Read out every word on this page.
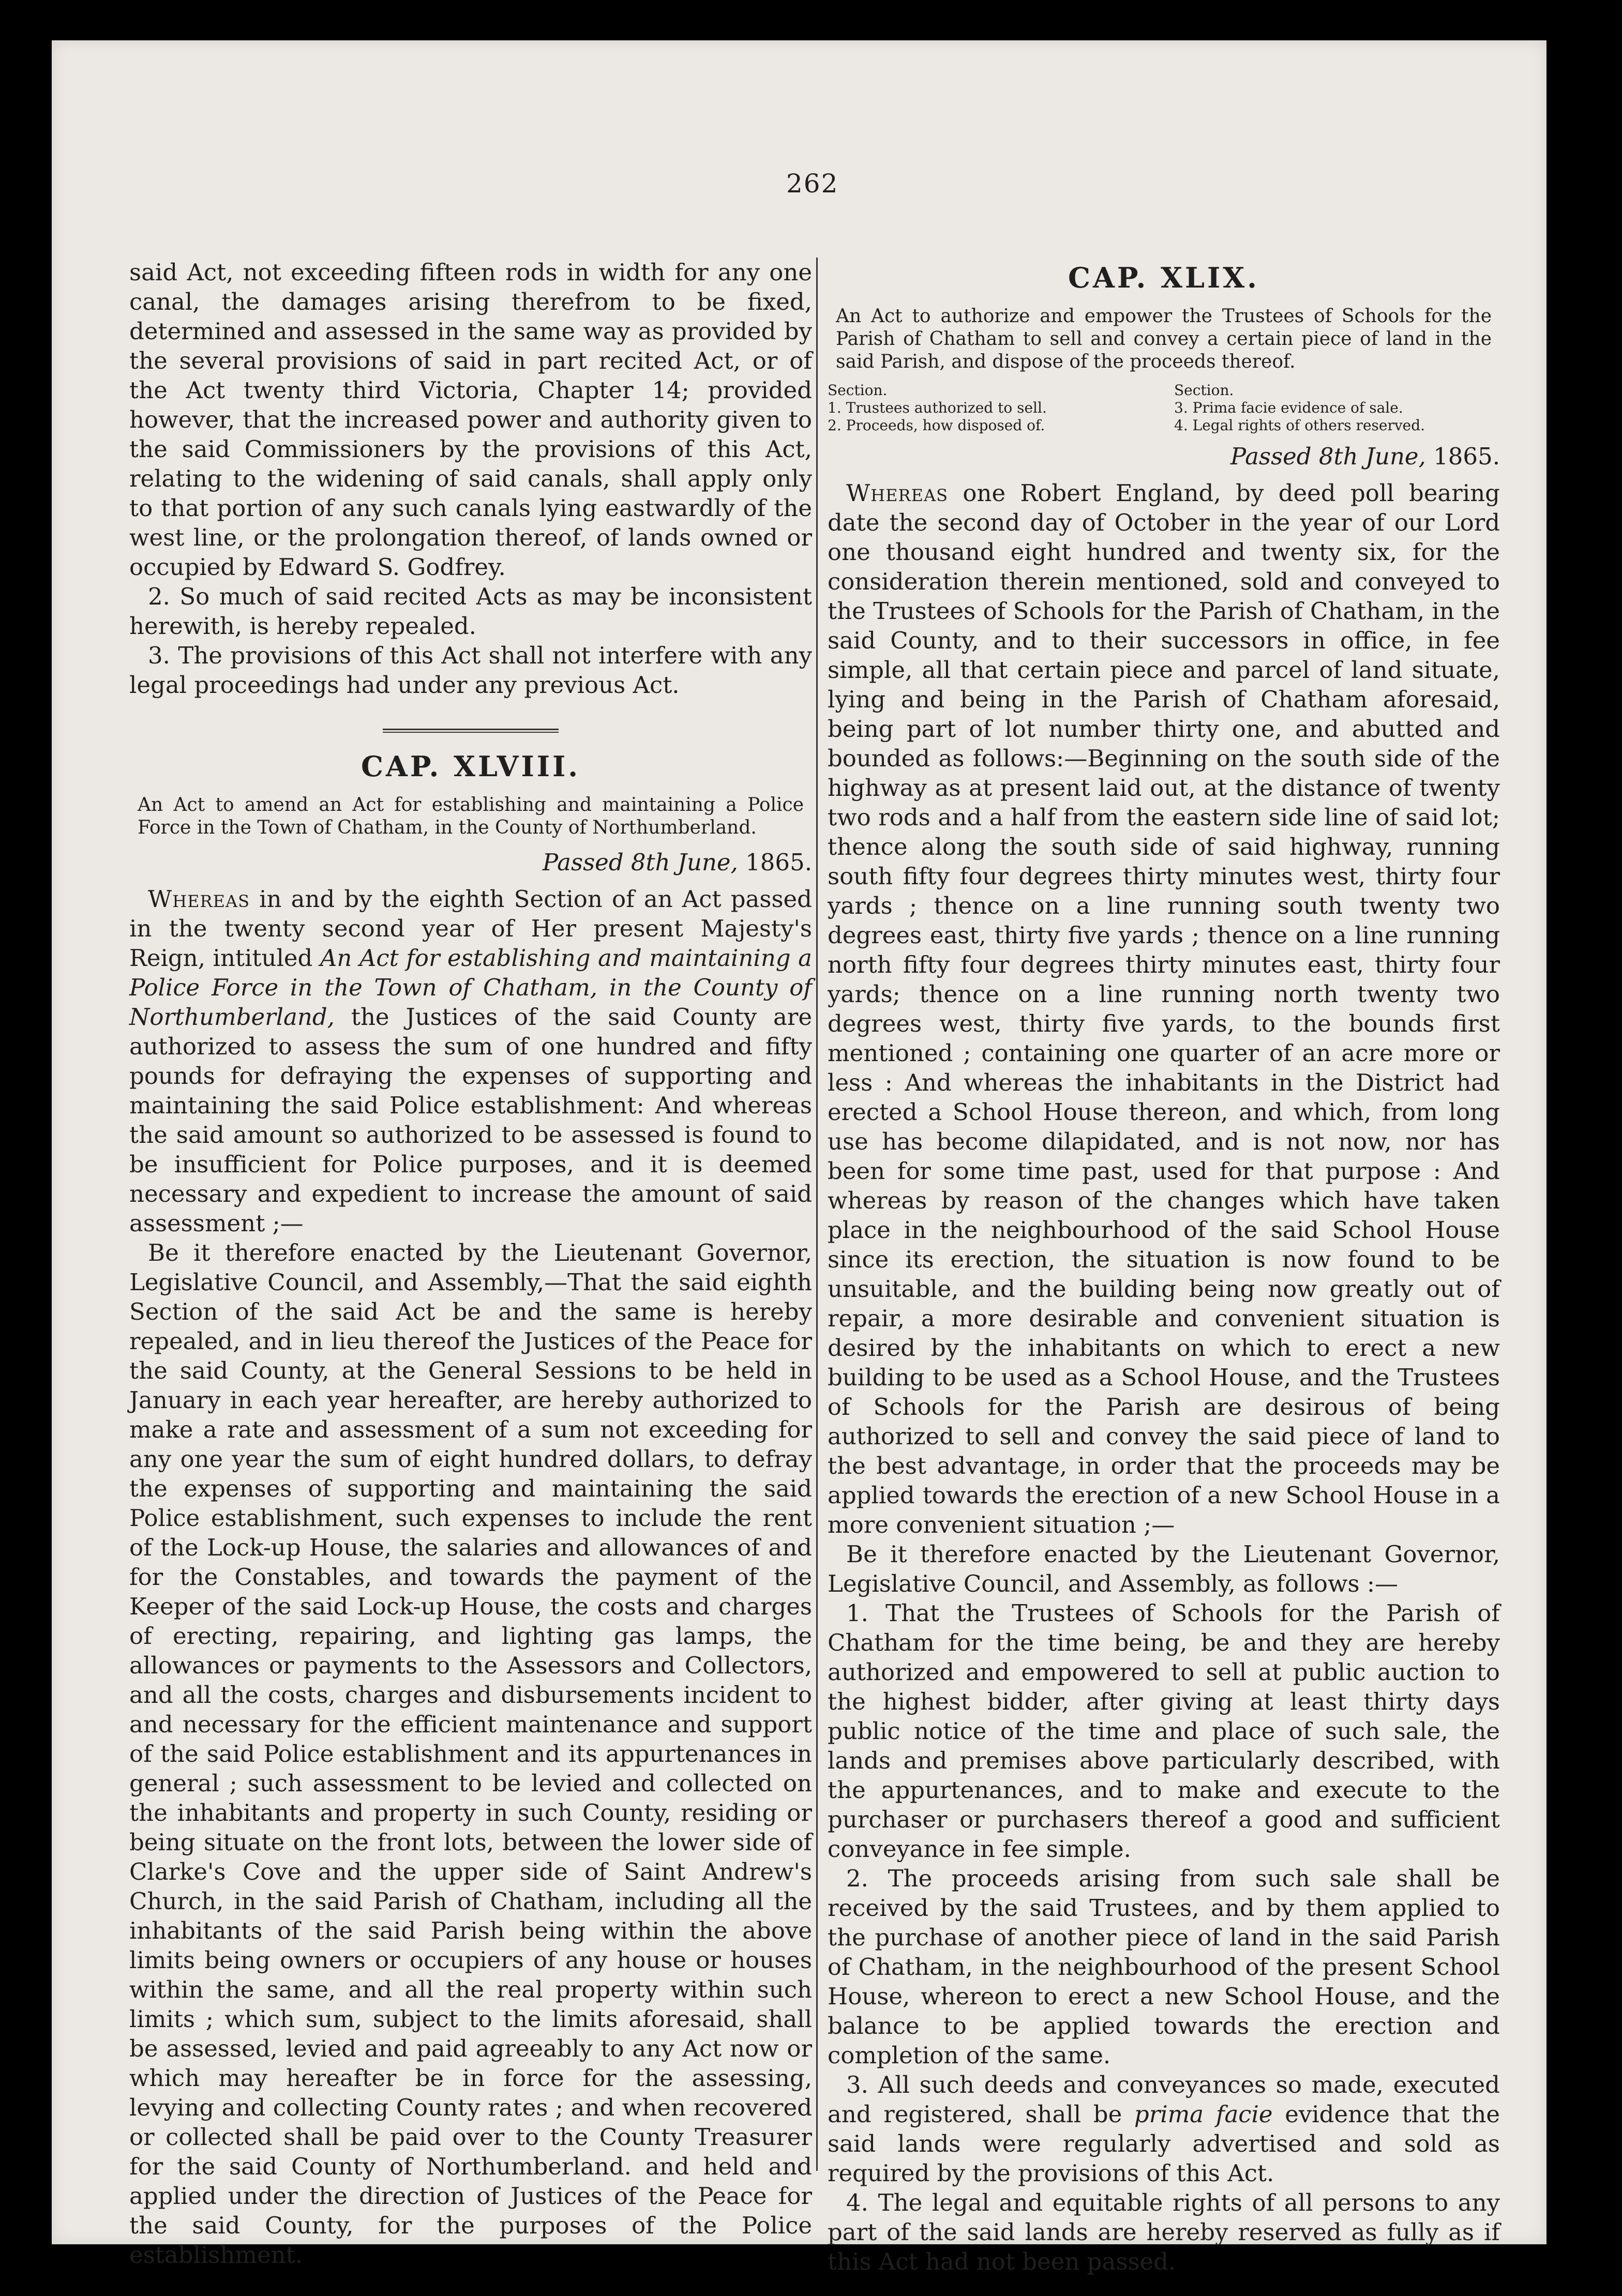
262

said Act, not exceeding fifteen rods in width for any one canal, the damages arising therefrom to be fixed, determined and assessed in the same way as provided by the several provisions of said in part recited Act, or of the Act twenty third Victoria, Chapter 14; provided however, that the increased power and authority given to the said Commissioners by the provisions of this Act, relating to the widening of said canals, shall apply only to that portion of any such canals lying eastwardly of the west line, or the prolongation thereof, of lands owned or occupied by Edward S. Godfrey.

2. So much of said recited Acts as may be inconsistent herewith, is hereby repealed.

3. The provisions of this Act shall not interfere with any legal proceedings had under any previous Act.

CAP. XLVIII.

An Act to amend an Act for establishing and maintaining a Police Force in the Town of Chatham, in the County of Northumberland.

Passed 8th June, 1865.

Whereas in and by the eighth Section of an Act passed in the twenty second year of Her present Majesty's Reign, intituled An Act for establishing and maintaining a Police Force in the Town of Chatham, in the County of Northumberland, the Justices of the said County are authorized to assess the sum of one hundred and fifty pounds for defraying the expenses of supporting and maintaining the said Police establishment: And whereas the said amount so authorized to be assessed is found to be insufficient for Police purposes, and it is deemed necessary and expedient to increase the amount of said assessment ;—

Be it therefore enacted by the Lieutenant Governor, Legislative Council, and Assembly,—That the said eighth Section of the said Act be and the same is hereby repealed, and in lieu thereof the Justices of the Peace for the said County, at the General Sessions to be held in January in each year hereafter, are hereby authorized to make a rate and assessment of a sum not exceeding for any one year the sum of eight hundred dollars, to defray the expenses of supporting and maintaining the said Police establishment, such expenses to include the rent of the Lock-up House, the salaries and allowances of and for the Constables, and towards the payment of the Keeper of the said Lock-up House, the costs and charges of erecting, repairing, and lighting gas lamps, the allowances or payments to the Assessors and Collectors, and all the costs, charges and disbursements incident to and necessary for the efficient maintenance and support of the said Police establishment and its appurtenances in general ; such assessment to be levied and collected on the inhabitants and property in such County, residing or being situate on the front lots, between the lower side of Clarke's Cove and the upper side of Saint Andrew's Church, in the said Parish of Chatham, including all the inhabitants of the said Parish being within the above limits being owners or occupiers of any house or houses within the same, and all the real property within such limits ; which sum, subject to the limits aforesaid, shall be assessed, levied and paid agreeably to any Act now or which may hereafter be in force for the assessing, levying and collecting County rates ; and when recovered or collected shall be paid over to the County Treasurer for the said County of Northumberland. and held and applied under the direction of Justices of the Peace for the said County, for the purposes of the Police establishment.

CAP. XLIX.

An Act to authorize and empower the Trustees of Schools for the Parish of Chatham to sell and convey a certain piece of land in the said Parish, and dispose of the proceeds thereof.

Section.
1. Trustees authorized to sell.
2. Proceeds, how disposed of.
Section.
3. Prima facie evidence of sale.
4. Legal rights of others reserved.

Passed 8th June, 1865.

Whereas one Robert England, by deed poll bearing date the second day of October in the year of our Lord one thousand eight hundred and twenty six, for the consideration therein mentioned, sold and conveyed to the Trustees of Schools for the Parish of Chatham, in the said County, and to their successors in office, in fee simple, all that certain piece and parcel of land situate, lying and being in the Parish of Chatham aforesaid, being part of lot number thirty one, and abutted and bounded as follows:—Beginning on the south side of the highway as at present laid out, at the distance of twenty two rods and a half from the eastern side line of said lot; thence along the south side of said highway, running south fifty four degrees thirty minutes west, thirty four yards ; thence on a line running south twenty two degrees east, thirty five yards ; thence on a line running north fifty four degrees thirty minutes east, thirty four yards; thence on a line running north twenty two degrees west, thirty five yards, to the bounds first mentioned ; containing one quarter of an acre more or less : And whereas the inhabitants in the District had erected a School House thereon, and which, from long use has become dilapidated, and is not now, nor has been for some time past, used for that purpose : And whereas by reason of the changes which have taken place in the neighbourhood of the said School House since its erection, the situation is now found to be unsuitable, and the building being now greatly out of repair, a more desirable and convenient situation is desired by the inhabitants on which to erect a new building to be used as a School House, and the Trustees of Schools for the Parish are desirous of being authorized to sell and convey the said piece of land to the best advantage, in order that the proceeds may be applied towards the erection of a new School House in a more convenient situation ;—

Be it therefore enacted by the Lieutenant Governor, Legislative Council, and Assembly, as follows :—

1. That the Trustees of Schools for the Parish of Chatham for the time being, be and they are hereby authorized and empowered to sell at public auction to the highest bidder, after giving at least thirty days public notice of the time and place of such sale, the lands and premises above particularly described, with the appurtenances, and to make and execute to the purchaser or purchasers thereof a good and sufficient conveyance in fee simple.

2. The proceeds arising from such sale shall be received by the said Trustees, and by them applied to the purchase of another piece of land in the said Parish of Chatham, in the neighbourhood of the present School House, whereon to erect a new School House, and the balance to be applied towards the erection and completion of the same.

3. All such deeds and conveyances so made, executed and registered, shall be prima facie evidence that the said lands were regularly advertised and sold as required by the provisions of this Act.

4. The legal and equitable rights of all persons to any part of the said lands are hereby reserved as fully as if this Act had not been passed.
